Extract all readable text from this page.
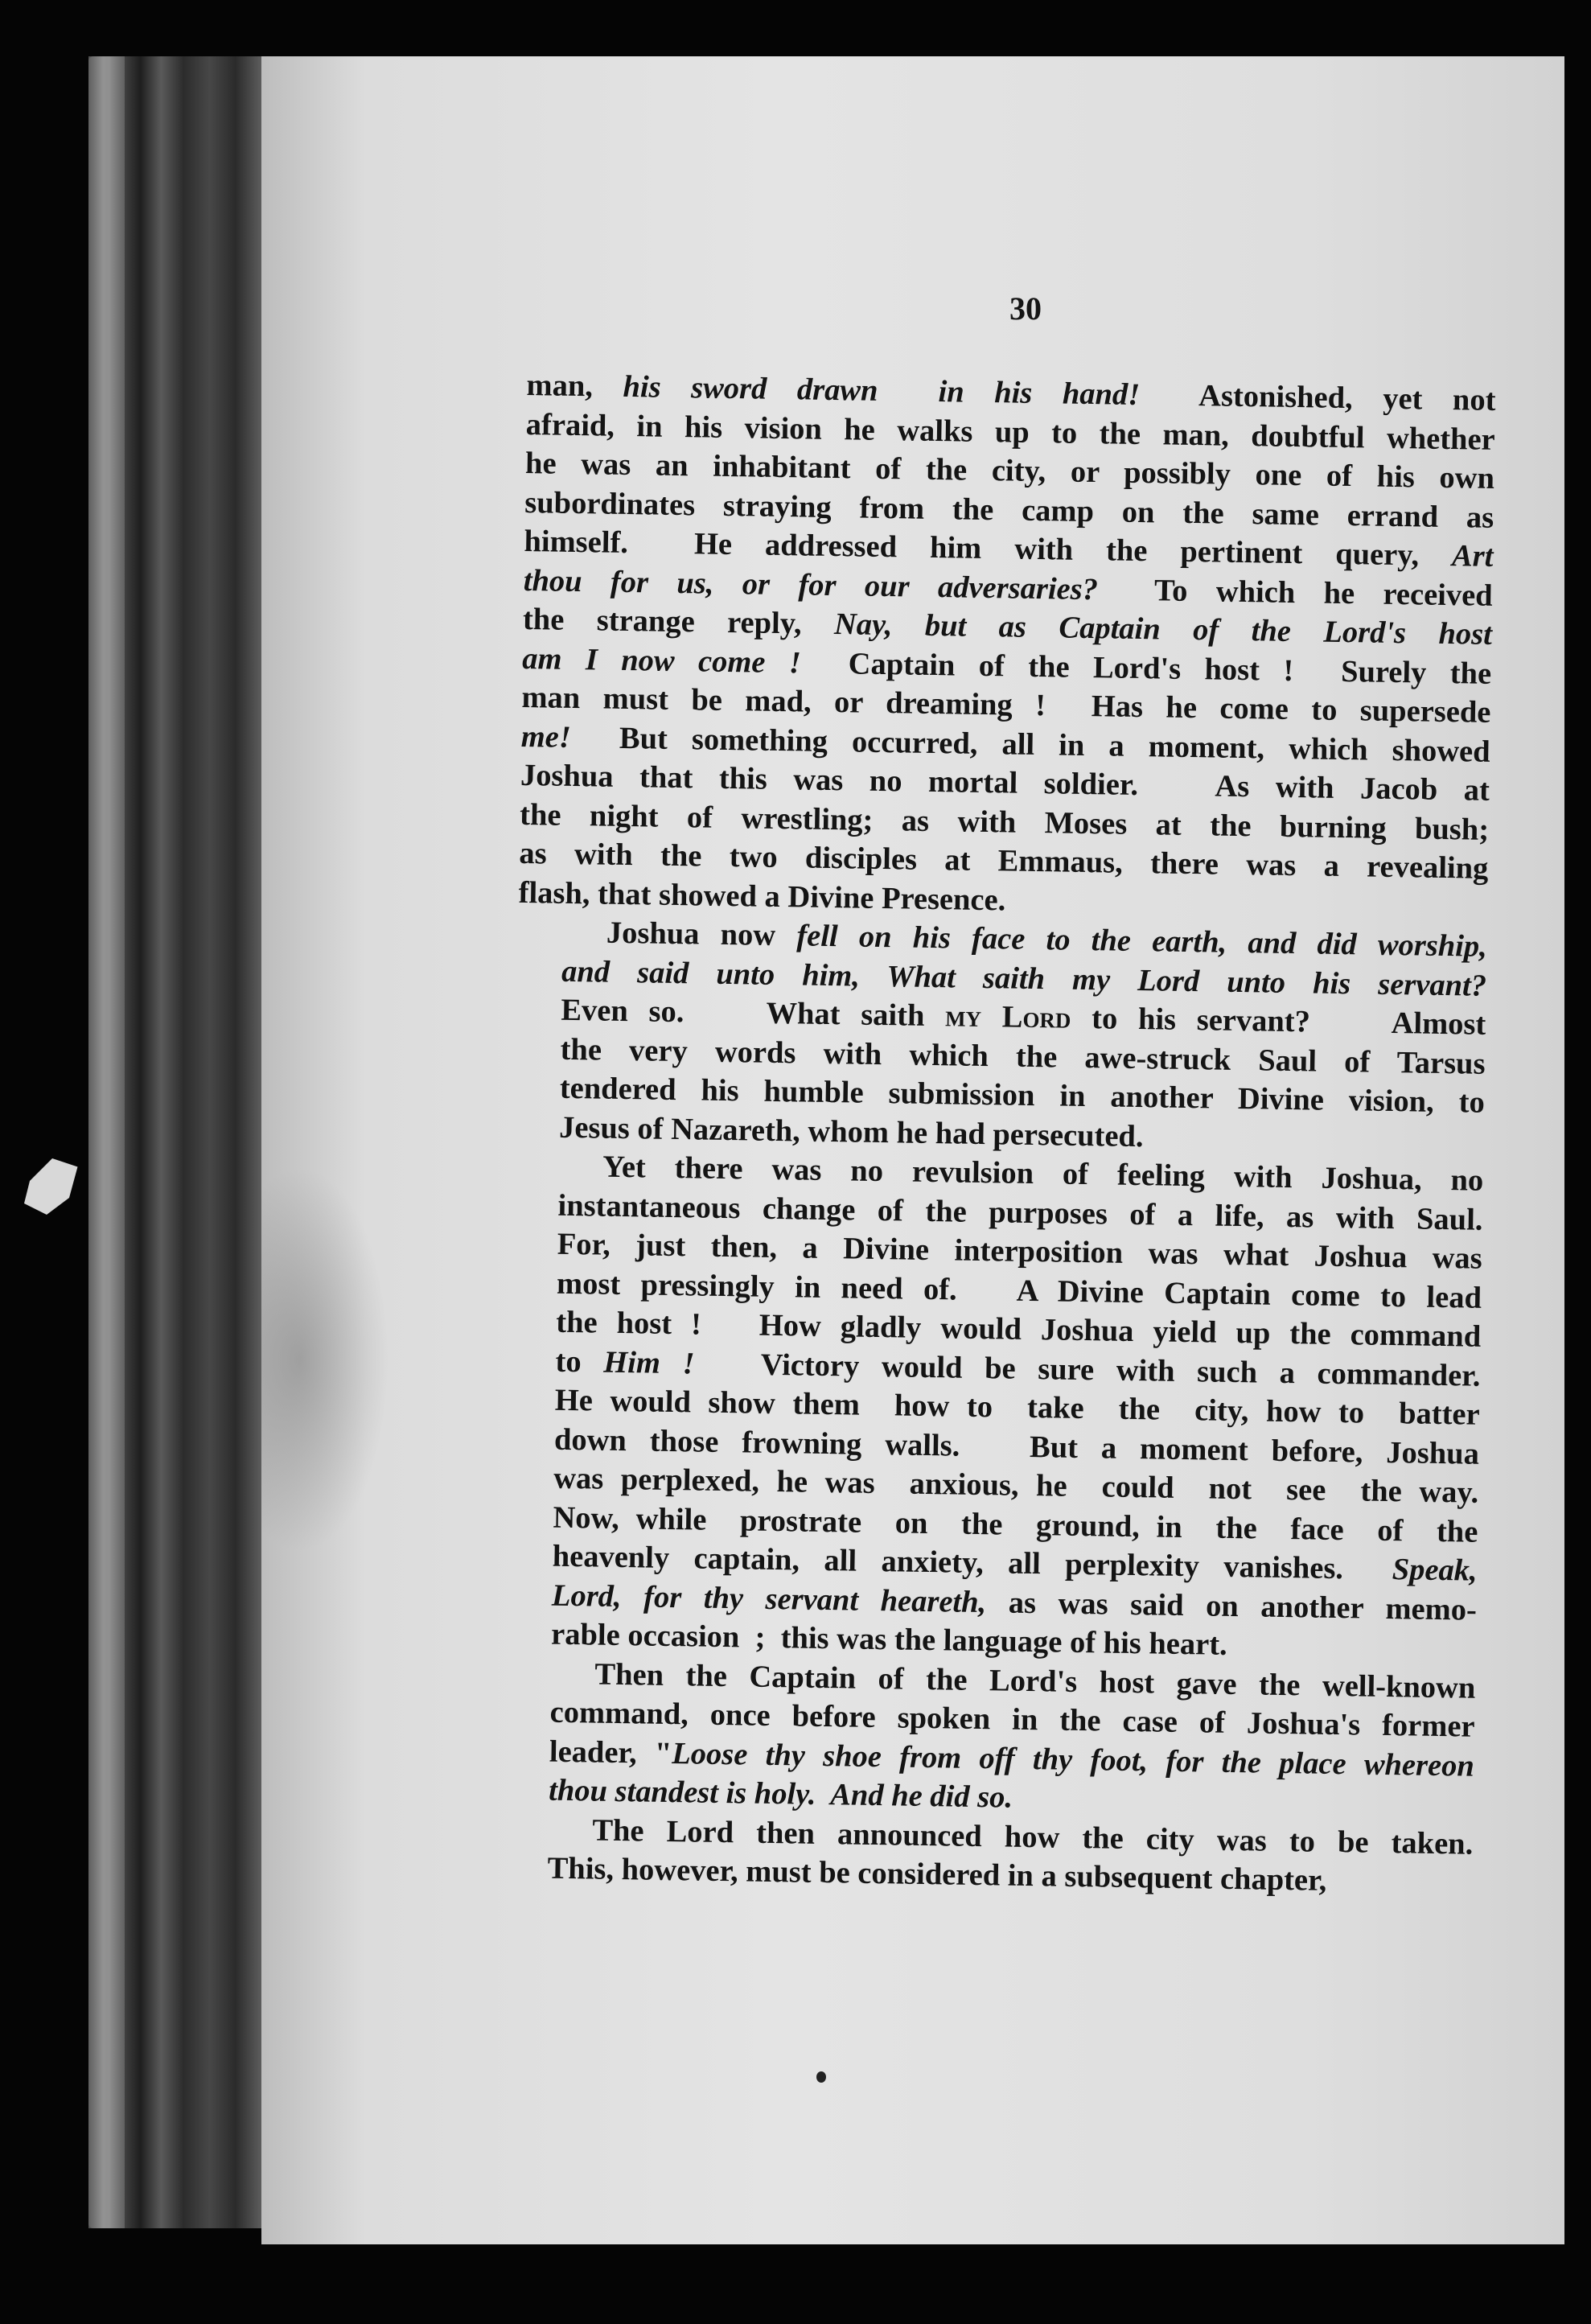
30

man, his sword drawn  in his hand!  Astonished, yet not
afraid, in his vision he walks up to the man, doubtful whether
he was an inhabitant of the city, or possibly one of his own
subordinates straying from the camp on the same errand as
himself.  He addressed him with the pertinent query, Art
thou for us, or for our adversaries?  To which he received
the strange reply, Nay, but as Captain of the Lord's host
am I now come !  Captain of the Lord's host !  Surely the
man must be mad, or dreaming !  Has he come to supersede
me!  But something occurred, all in a moment, which showed
Joshua that this was no mortal soldier.   As with Jacob at
the night of wrestling; as with Moses at the burning bush;
as with the two disciples at Emmaus, there was a revealing
flash, that showed a Divine Presence.

Joshua now fell on his face to the earth, and did worship,
and said unto him, What saith my Lord unto his servant?
Even so.    What saith my Lord to his servant?    Almost
the very words with which the awe-struck Saul of Tarsus
tendered his humble submission in another Divine vision, to
Jesus of Nazareth, whom he had persecuted.

Yet there was no revulsion of feeling with Joshua, no
instantaneous change of the purposes of a life, as with Saul.
For, just then, a Divine interposition was what Joshua was
most pressingly in need of.   A Divine Captain come to lead
the host !   How gladly would Joshua yield up the command
to Him !   Victory would be sure with such a commander.
He would show them  how to  take  the  city, how to  batter
down those frowning walls.   But a moment before, Joshua
was perplexed, he was  anxious, he  could  not  see  the way.
Now, while  prostrate  on  the  ground, in  the  face  of  the
heavenly captain, all anxiety, all perplexity vanishes.  Speak,
Lord, for thy servant heareth, as was said on another memo-
rable occasion  ;  this was the language of his heart.

Then the Captain of the Lord's host gave the well-known
command, once before spoken in the case of Joshua's former
leader, "Loose thy shoe from off thy foot, for the place whereon
thou standest is holy.  And he did so.

The Lord then announced how the city was to be taken.
This, however, must be considered in a subsequent chapter,
